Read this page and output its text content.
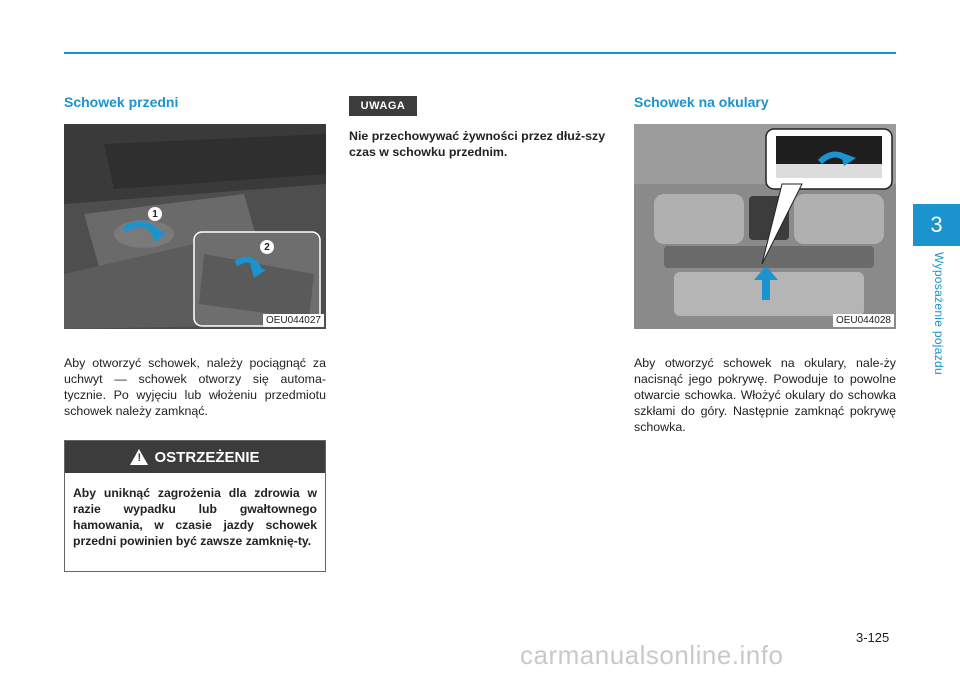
3
Wyposażenie pojazdu
Schowek przedni
1
2
OEU044027
Aby otworzyć schowek, należy pociągnąć za uchwyt — schowek otworzy się automa-tycznie. Po wyjęciu lub włożeniu przedmiotu schowek należy zamknąć.
! OSTRZEŻENIE
Aby uniknąć zagrożenia dla zdrowia w razie wypadku lub gwałtownego hamowania, w czasie jazdy schowek przedni powinien być zawsze zamknię-ty.
UWAGA
Nie przechowywać żywności przez dłuż-szy czas w schowku przednim.
Schowek na okulary
OEU044028
Aby otworzyć schowek na okulary, nale-ży nacisnąć jego pokrywę. Powoduje to powolne otwarcie schowka. Włożyć okulary do schowka szkłami do góry. Następnie zamknąć pokrywę schowka.
3-125
carmanualsonline.info
